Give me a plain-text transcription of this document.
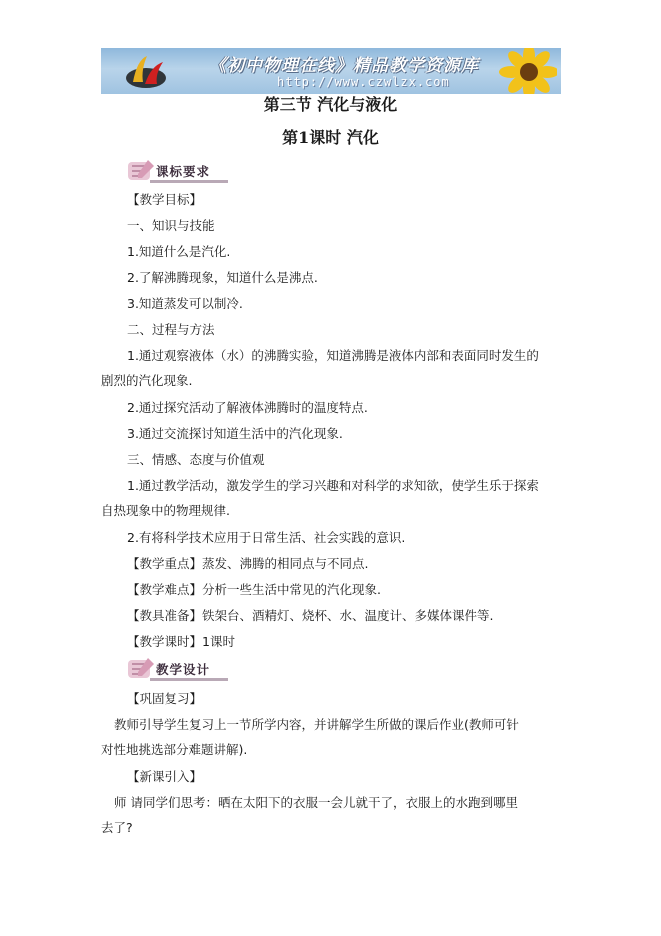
《初中物理在线》精品教学资源库
http://www.czwlzx.com
第三节 汽化与液化
第1课时 汽化
课标要求
【教学目标】
一、知识与技能
1.知道什么是汽化.
2.了解沸腾现象，知道什么是沸点.
3.知道蒸发可以制冷.
二、过程与方法
1.通过观察液体（水）的沸腾实验，知道沸腾是液体内部和表面同时发生的
剧烈的汽化现象.
2.通过探究活动了解液体沸腾时的温度特点.
3.通过交流探讨知道生活中的汽化现象.
三、情感、态度与价值观
1.通过教学活动，激发学生的学习兴趣和对科学的求知欲，使学生乐于探索
自热现象中的物理规律.
2.有将科学技术应用于日常生活、社会实践的意识.
【教学重点】蒸发、沸腾的相同点与不同点.
【教学难点】分析一些生活中常见的汽化现象.
【教具准备】铁架台、酒精灯、烧杯、水、温度计、多媒体课件等.
【教学课时】1课时
教学设计
【巩固复习】
教师引导学生复习上一节所学内容，并讲解学生所做的课后作业(教师可针
对性地挑选部分难题讲解).
【新课引入】
师 请同学们思考：晒在太阳下的衣服一会儿就干了，衣服上的水跑到哪里
去了?
